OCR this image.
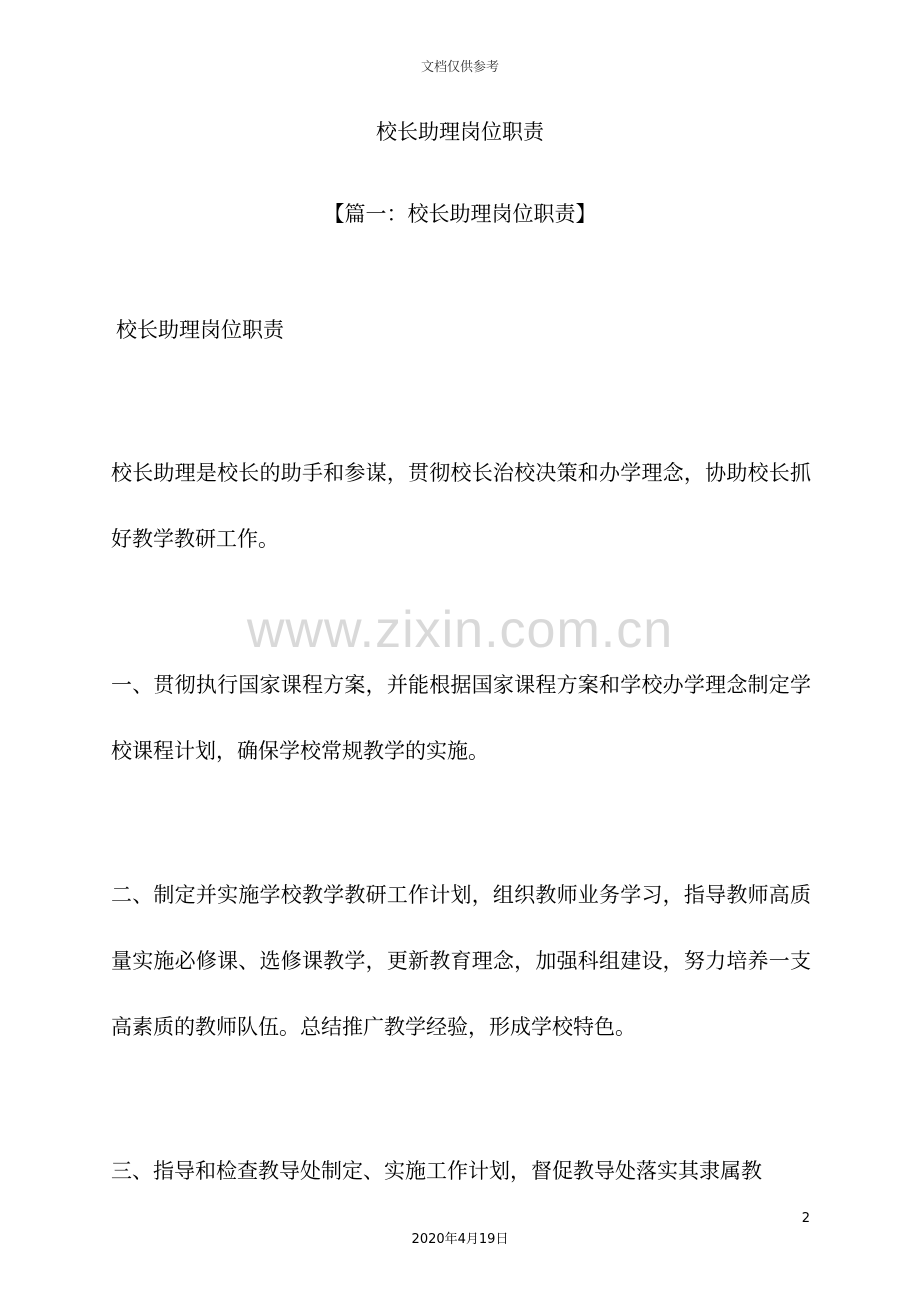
文档仅供参考
校长助理岗位职责
【篇一：校长助理岗位职责】
校长助理岗位职责
校长助理是校长的助手和参谋，贯彻校长治校决策和办学理念，协助校长抓好教学教研工作。
一、贯彻执行国家课程方案，并能根据国家课程方案和学校办学理念制定学校课程计划，确保学校常规教学的实施。
二、制定并实施学校教学教研工作计划，组织教师业务学习，指导教师高质量实施必修课、选修课教学，更新教育理念，加强科组建设，努力培养一支高素质的教师队伍。总结推广教学经验，形成学校特色。
三、指导和检查教导处制定、实施工作计划，督促教导处落实其隶属教
www.zixin.com.cn
2
2020年4月19日
